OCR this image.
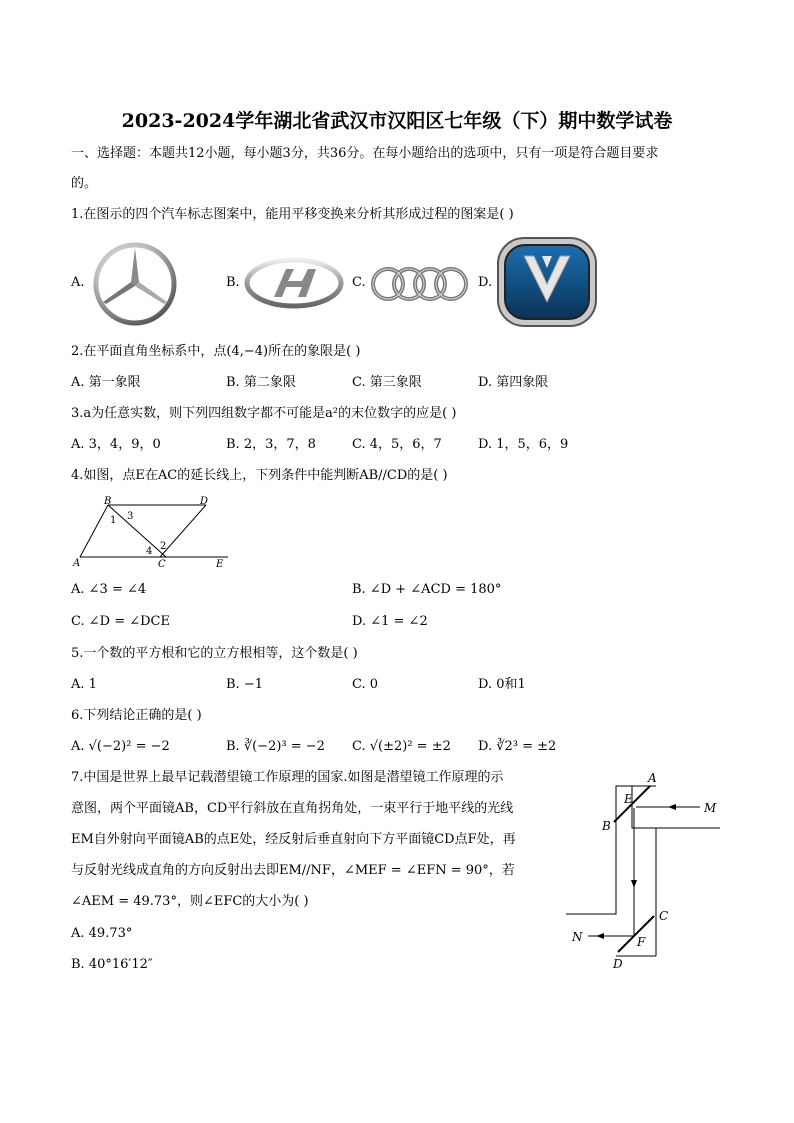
2023-2024学年湖北省武汉市汉阳区七年级（下）期中数学试卷
一、选择题：本题共12小题，每小题3分，共36分。在每小题给出的选项中，只有一项是符合题目要求
的。
1.在图示的四个汽车标志图案中，能用平移变换来分析其形成过程的图案是( )
A.	B.	C.	D.
2.在平面直角坐标系中，点(4,−4)所在的象限是( )
A. 第一象限	B. 第二象限	C. 第三象限	D. 第四象限
3.a为任意实数，则下列四组数字都不可能是a²的末位数字的应是( )
A. 3，4，9，0	B. 2，3，7，8	C. 4，5，6，7	D. 1，5，6，9
4.如图，点E在AC的延长线上，下列条件中能判断AB//CD的是( )
B	D
1 3
2
4
A	C	E
A. ∠3 = ∠4	B. ∠D + ∠ACD = 180°
C. ∠D = ∠DCE	D. ∠1 = ∠2
5.一个数的平方根和它的立方根相等，这个数是( )
A. 1	B. −1	C. 0	D. 0和1
6.下列结论正确的是( )
A. √(−2)² = −2	B. ∛(−2)³ = −2 C. √(±2)² = ±2 D. ∛2³ = ±2
7.中国是世界上最早记载潜望镜工作原理的国家.如图是潜望镜工作原理的示
意图，两个平面镜AB，CD平行斜放在直角拐角处，一束平行于地平线的光线
EM自外射向平面镜AB的点E处，经反射后垂直射向下方平面镜CD点F处，再
与反射光线成直角的方向反射出去即EM//NF，∠MEF = ∠EFN = 90°，若
∠AEM = 49.73°，则∠EFC的大小为( )
A. 49.73°
B. 40°16′12″
A
E
M
B
C
N	F
D
